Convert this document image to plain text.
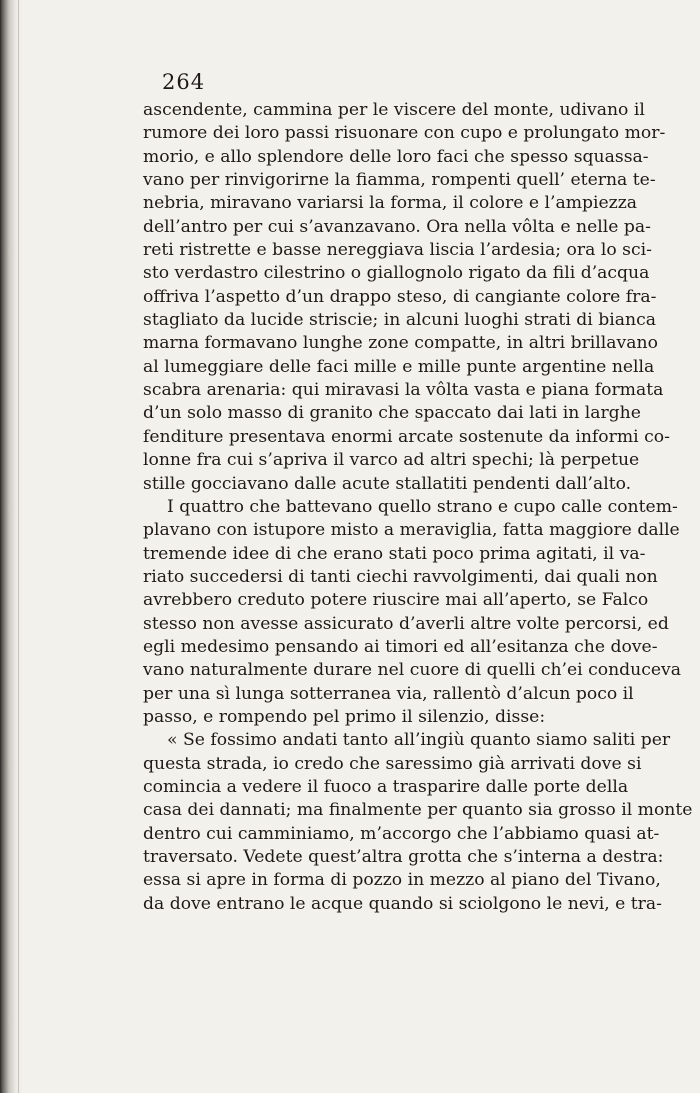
264
ascendente, cammina per le viscere del monte, udivano il
rumore dei loro passi risuonare con cupo e prolungato mor-
morio, e allo splendore delle loro faci che spesso squassa-
vano per rinvigorirne la fiamma, rompenti quell’ eterna te-
nebria, miravano variarsi la forma, il colore e l’ampiezza
dell’antro per cui s’avanzavano. Ora nella vôlta e nelle pa-
reti ristrette e basse nereggiava liscia l’ardesia; ora lo sci-
sto verdastro cilestrino o giallognolo rigato da fili d’acqua
offriva l’aspetto d’un drappo steso, di cangiante colore fra-
stagliato da lucide striscie; in alcuni luoghi strati di bianca
marna formavano lunghe zone compatte, in altri brillavano
al lumeggiare delle faci mille e mille punte argentine nella
scabra arenaria: qui miravasi la vôlta vasta e piana formata
d’un solo masso di granito che spaccato dai lati in larghe
fenditure presentava enormi arcate sostenute da informi co-
lonne fra cui s’apriva il varco ad altri spechi; là perpetue
stille gocciavano dalle acute stallatiti pendenti dall’alto.
I quattro che battevano quello strano e cupo calle contem-
plavano con istupore misto a meraviglia, fatta maggiore dalle
tremende idee di che erano stati poco prima agitati, il va-
riato succedersi di tanti ciechi ravvolgimenti, dai quali non
avrebbero creduto potere riuscire mai all’aperto, se Falco
stesso non avesse assicurato d’averli altre volte percorsi, ed
egli medesimo pensando ai timori ed all’esitanza che dove-
vano naturalmente durare nel cuore di quelli ch’ei conduceva
per una sì lunga sotterranea via, rallentò d’alcun poco il
passo, e rompendo pel primo il silenzio, disse:
« Se fossimo andati tanto all’ingiù quanto siamo saliti per
questa strada, io credo che saressimo già arrivati dove si
comincia a vedere il fuoco a trasparire dalle porte della
casa dei dannati; ma finalmente per quanto sia grosso il monte
dentro cui camminiamo, m’accorgo che l’abbiamo quasi at-
traversato. Vedete quest’altra grotta che s’interna a destra:
essa si apre in forma di pozzo in mezzo al piano del Tivano,
da dove entrano le acque quando si sciolgono le nevi, e tra-
